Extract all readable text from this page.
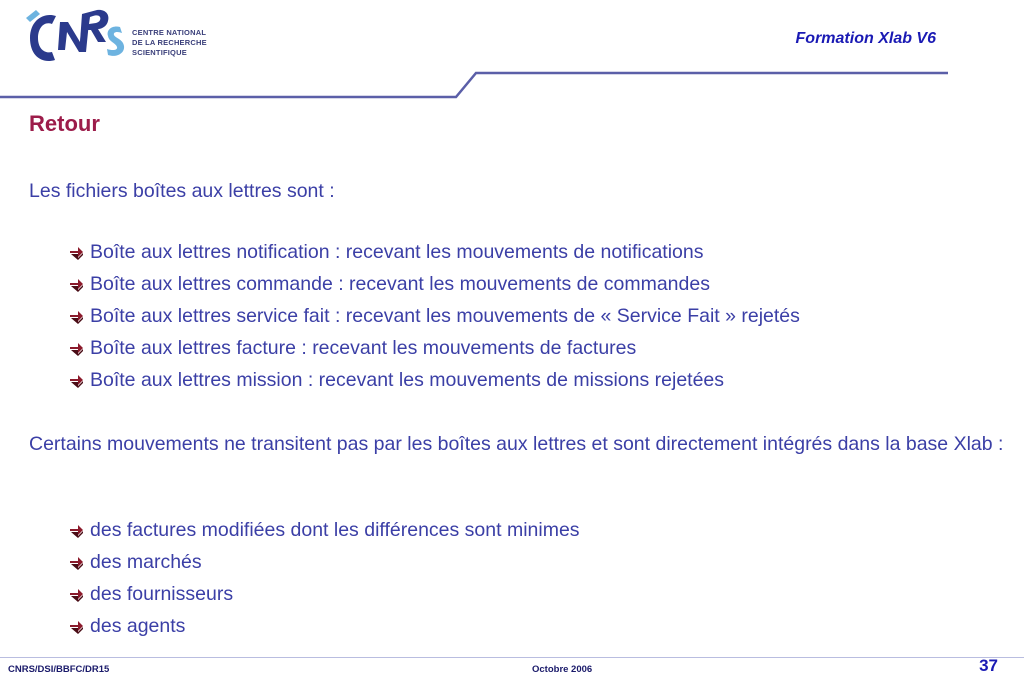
CENTRE NATIONAL
DE LA RECHERCHE
SCIENTIFIQUE
Formation Xlab V6
Retour
Les fichiers boîtes aux lettres sont :
Boîte aux lettres notification : recevant les mouvements de notifications
Boîte aux lettres commande : recevant les mouvements de commandes
Boîte aux lettres service fait : recevant les mouvements de « Service Fait » rejetés
Boîte aux lettres facture : recevant les mouvements de factures
Boîte aux lettres mission : recevant les mouvements de missions rejetées
Certains mouvements ne transitent pas par les boîtes aux lettres et sont directement intégrés dans la base Xlab :
des factures modifiées dont les différences sont minimes
des marchés
des fournisseurs
des agents
CNRS/DSI/BBFC/DR15	Octobre 2006	37
